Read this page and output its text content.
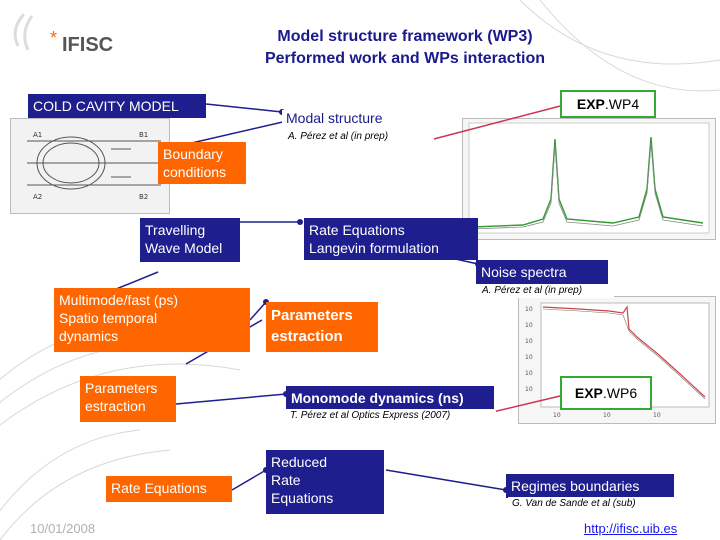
* IFISC	Model structure framework (WP3)
Performed work and WPs interaction
A1	B1
A2	B2
10
10
10
10
10
10
10	10	10
COLD CAVITY MODEL
Boundary
conditions
Travelling
Wave Model
Multimode/fast (ps)
Spatio temporal
dynamics
Parameters
estraction
Rate Equations
Modal structure
A. Pérez et al (in prep)
Rate Equations
Langevin formulation
Noise spectra
A. Pérez et al (in prep)
Parameters
estraction
Monomode dynamics (ns)
T. Pérez et al Optics Express (2007)
Reduced
Rate
Equations
EXP.WP4
EXP.WP6
Regimes boundaries
G. Van de Sande et al (sub)
10/01/2008	http://ifisc.uib.es
